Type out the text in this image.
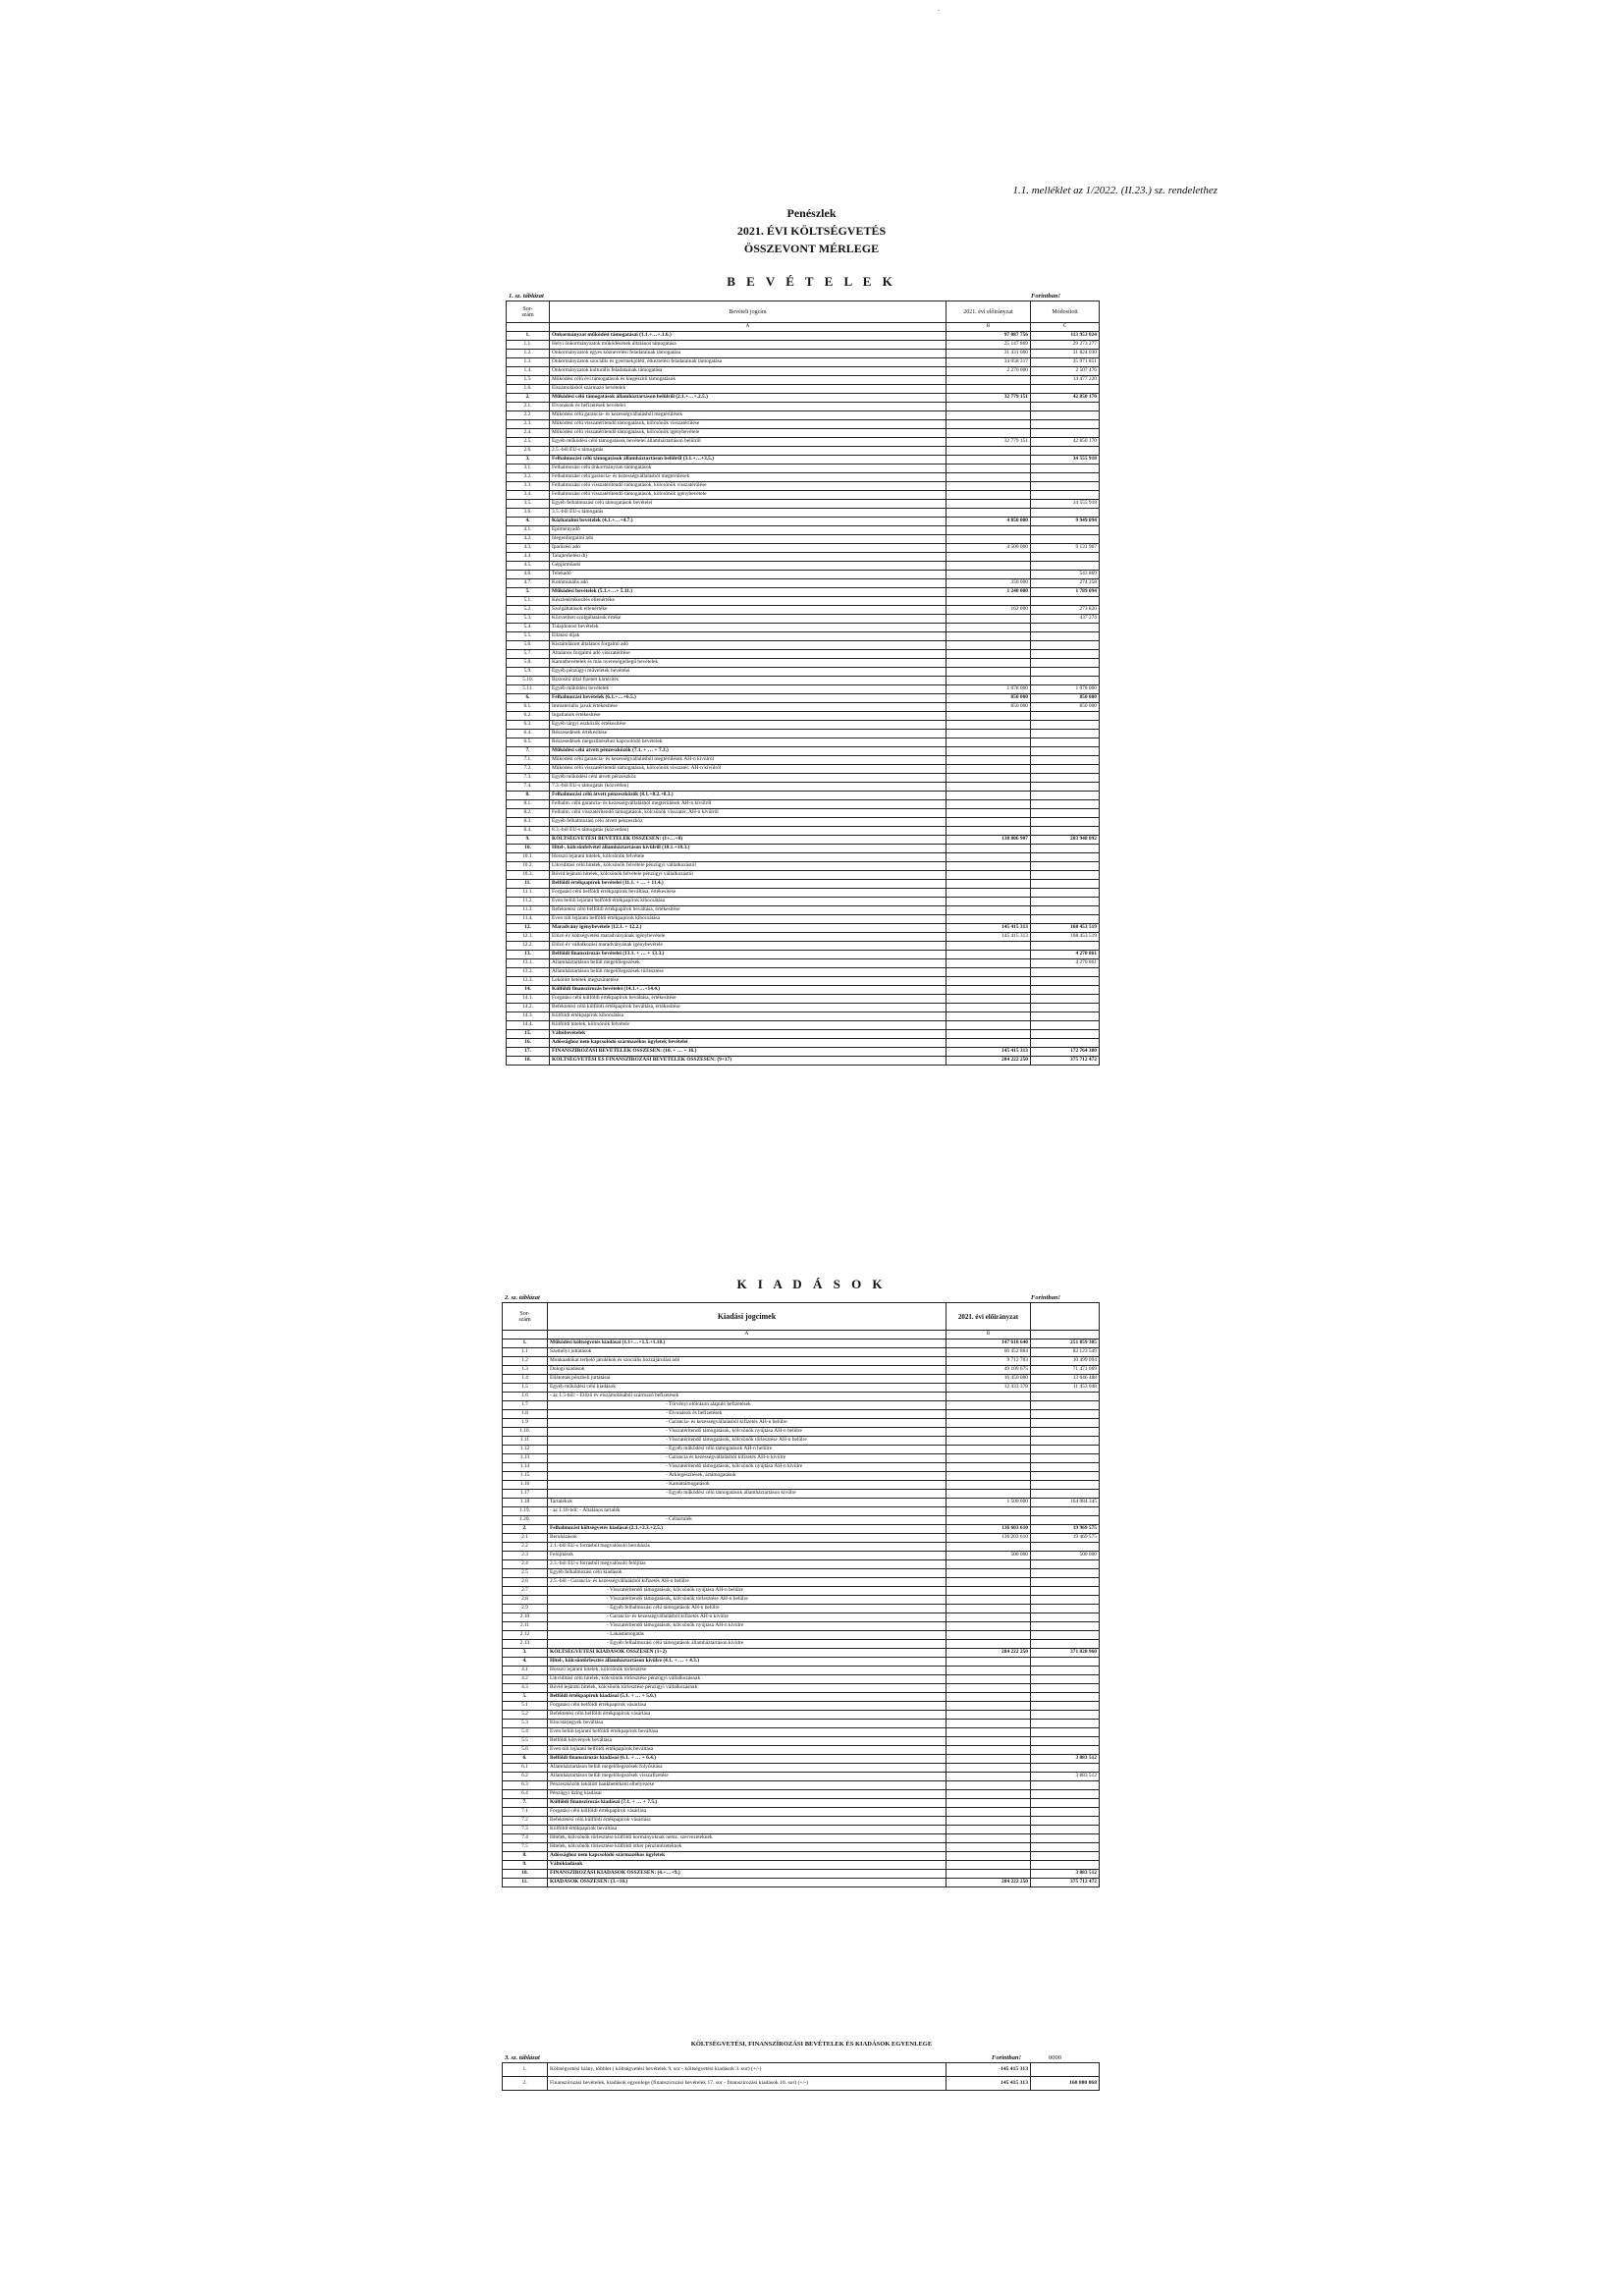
1.1. melléklet az 1/2022. (II.23.) sz. rendelethez
Penészlek
2021. ÉVI KÖLTSÉGVETÉS
ÖSSZEVONT MÉRLEGE
B E V É T E L E K
1. sz. táblázat	Forintban!
Sor-
szám	Bevételi jogcím	2021. évi előirányzat	Módosított
	A	B	C
1.	Önkormányzat működési támogatásai (1.1.+…+.1.6.)	97 087 756	113 953 824
1.1.	Helyi önkormányzatok működésének általános támogatása	25 147 869	29 273 277
1.2.	Önkormányzatok egyes köznevelési feladatainak támogatása	31 431 600	31 824 030
1.3.	Önkormányzatok szociális és gyermekjóléti, étkeztetési feladatainak támogatása	34 058 317	35 971 851
1.4.	Önkormányzatok kulturális feladatainak támogatása	2 270 000	2 507 476
1.5.	Működési célú évi támogatások és kiegészítő támogatások		14 477 220
1.6.	Elszámolásból származó bevételek		
2.	Működési célú támogatások államháztartáson belülről (2.1.+…+.2.5.)	32 779 151	42 850 170
2.1.	Elvonások és befizetések bevételei		
2.2.	Működési célú garancia- és kezességvállalásból megtérülések		
2.3.	Működési célú visszatérítendő támogatások, kölcsönök visszatérülése		
2.4.	Működési célú visszatérítendő támogatások, kölcsönök igénybevétele		
2.5.	Egyéb működési célú támogatások bevételei államháztartáson belülről	32 779 151	42 850 170
2.6.	2.5.-ből EU-s támogatás		
3.	Felhalmozási célú támogatások államháztartáson belülről (3.1.+…+3.5.)		34 555 918
3.1.	Felhalmozási célú önkormányzati támogatások		
3.2.	Felhalmozási célú garancia- és kezességvállalásból megtérülések		
3.3.	Felhalmozási célú visszatérítendő támogatások, kölcsönök visszatérülése		
3.4.	Felhalmozási célú visszatérítendő támogatások, kölcsönök igénybevétele		
3.5.	Egyéb felhalmozási célú támogatások bevételei		34 555 918
3.6.	3.5.-ből EU-s támogatás		
4.	Közhatalmi bevételek (4.1.+…+4.7.)	4 850 000	9 949 094
4.1.	Építményadó		
4.2.	Idegenforgalmi adó		
4.3.	Iparűzési adó	4 500 000	9 131 967
4.4.	Talajterhelési díj		
4.5.	Gépjárműadó		
4.6.	Telekadó		543 869
4.7.	Kommunális adó	350 000	274 258
5.	Működési bevételek (5.1.+…+ 5.11.)	1 240 000	1 789 094
5.1.	Készletértékesítés ellenértéke		
5.2.	Szolgáltatások ellenértéke	162 000	273 820
5.3.	Közvetített szolgáltatások értéke		437 274
5.4.	Tulajdonosi bevételek		
5.5.	Ellátási díjak		
5.6.	Kiszámlázott általános forgalmi adó		
5.7.	Általános forgalmi adó visszatérítése		
5.8.	Kamatbevételek és más nyereségjellegű bevételek		
5.9.	Egyéb pénzügyi műveletek bevételei		
5.10.	Biztosító által fizetett kártérítés		
5.11.	Egyéb működési bevételek	1 078 000	1 078 000
6.	Felhalmozási bevételek (6.1.+…+6.5.)	850 000	850 000
6.1.	Immateriális javak értékesítése	850 000	850 000
6.2.	Ingatlanok értékesítése		
6.3.	Egyéb tárgyi eszközök értékesítése		
6.4.	Részesedések értékesítése		
6.5.	Részesedések megszűnéséhez kapcsolódó bevételek		
7.	Működési célú átvett pénzeszközök (7.1. + … + 7.3.)		
7.1.	Működési célú garancia- és kezességvállalásból megtérülések ÁH-n kívülről		
7.2.	Működési célú visszatérítendő támogatások, kölcsönök visszatér. ÁH-n kívülről		
7.3.	Egyéb működési célú átvett pénzeszköz		
7.4.	7.3.-ból EU-s támogatás (közvetlen)		
8.	Felhalmozási célú átvett pénzeszközök (8.1.+8.2.+8.3.)		
8.1.	Felhalm. célú garancia- és kezességvállalásból megtérülések ÁH-n kívülről		
8.2.	Felhalm. célú visszatérítendő támogatások, kölcsönök visszatér. ÁH-n kívülről		
8.3.	Egyéb felhalmozási célú átvett pénzeszköz		
8.4.	8.3.-ból EU-s támogatás (közvetlen)		
9.	KÖLTSÉGVETÉSI BEVÉTELEK ÖSSZESEN: (1+…+8)	138 806 907	203 948 092
10.	Hitel-, kölcsönfelvétel államháztartáson kívülről (10.1.+10.3.)		
10.1.	Hosszú lejáratú hitelek, kölcsönök felvétele		
10.2.	Likviditási célú hitelek, kölcsönök felvétele pénzügyi vállalkozástól		
10.3.	Rövid lejáratú hitelek, kölcsönök felvétele pénzügyi vállalkozástól		
11.	Belföldi értékpapírok bevételei (11.1. + … + 11.4.)		
11.1.	Forgatási célú belföldi értékpapírok beváltása, értékesítése		
11.2.	Éven belüli lejáratú belföldi értékpapírok kibocsátása		
11.3.	Befektetési célú belföldi értékpapírok beváltása, értékesítése		
11.4.	Éven túli lejáratú belföldi értékpapírok kibocsátása		
12.	Maradvány igénybevétele (12.1. + 12.2.)	145 415 313	168 453 519
12.1.	Előző év költségvetési maradványának igénybevétele	145 415 313	168 453 519
12.2.	Előző év vállalkozási maradványának igénybevétele		
13.	Belföldi finanszírozás bevételei (13.1. + … + 13.3.)		4 270 861
13.1.	Államháztartáson belüli megelőlegezések		4 270 861
13.2.	Államháztartáson belüli megelőlegezések törlesztése		
13.3.	Lekötött betétek megszüntetése		
14.	Külföldi finanszírozás bevételei (14.1.+…+14.4.)		
14.1.	Forgatási célú külföldi értékpapírok beváltása, értékesítése		
14.2.	Befektetési célú külföldi értékpapírok beváltása, értékesítése		
14.3.	Külföldi értékpapírok kibocsátása		
14.4.	Külföldi hitelek, kölcsönök felvétele		
15.	Váltóbevételek		
16.	Adóssághoz nem kapcsolódó származékos ügyletek bevételei		
17.	FINANSZÍROZÁSI BEVÉTELEK ÖSSZESEN: (10. + … + 16.)	145 415 313	172 764 380
18.	KÖLTSÉGVETÉSI ÉS FINANSZÍROZÁSI BEVÉTELEK ÖSSZESEN: (9+17)	284 222 250	375 712 472
K I A D Á S O K
2. sz. táblázat	Forintban!
Sor-
szám	Kiadási jogcímek	2021. évi előirányzat	
	A	B	
1.	Működési költségvetés kiadásai (1.1+…+1.5.+1.18.)	147 618 640	251 859 385
1.1	Személyi juttatások	60 452 884	82 123 549
1.2	Munkaadókat terhelő járulékok és szociális hozzájárulási adó	9 712 703	10 499 094
1.3	Dologi kiadások	49 109 675	71 471 069
1.4	Ellátottak pénzbeli juttatásai	16 450 000	13 646 488
1.5	Egyéb működési célú kiadások	12 433 378	11 453 048
1.6	- az 1.5-ből: - Előző év elszámolásából származó befizetések		
1.7	- Törvényi előíráson alapuló befizetések		
1.8	- Elvonások és befizetések		
1.9	- Garancia- és kezességvállalásból kifizetés ÁH-n belülre		
1.10.	- Visszatérítendő támogatások, kölcsönök nyújtása ÁH-n belülre		
1.11	- Visszatérítendő támogatások, kölcsönök törlesztése ÁH-n belülre		
1.12	- Egyéb működési célú támogatások ÁH-n belülre		
1.13	- Garancia és kezességvállalásból kifizetés ÁH-n kívülre		
1.14	- Visszatérítendő támogatások, kölcsönök nyújtása ÁH-n kívülre		
1.15	- Árkiegészítések, ártámogatások		
1.16	- Kamattámogatások		
1.17	- Egyéb működési célú támogatások államháztartáson kívülre		
1.18	Tartalékok	1 500 000	164 084 345
1.19.	- az 1.18-ból: - Általános tartalék		
1.20.	- Céltartalék		
2.	Felhalmozási költségvetés kiadásai (2.1.+2.3.+2.5.)	136 603 610	19 969 575
2.1	Beruházások	136 203 610	19 469 575
2.2	2.1.-ből EU-s forrásból megvalósuló beruházás		
2.3	Felújítások	500 000	500 000
2.4	2.3.-ból EU-s forrásból megvalósuló felújítás		
2.5	Egyéb felhalmozási célú kiadások		
2.6	2.5.-ből - Garancia- és kezességvállalásból kifizetés ÁH-n belülre		
2.7	- Visszatérítendő támogatások, kölcsönök nyújtása ÁH-n belülre		
2.8	- Visszatérítendő támogatások, kölcsönök törlesztése ÁH-n belülre		
2.9	- Egyéb felhalmozási célú támogatások ÁH-n belülre		
2.10	- Garancia- és kezességvállalásból kifizetés ÁH-n kívülre		
2.11	- Visszatérítendő támogatások, kölcsönök nyújtása ÁH-n kívülre		
2.12	- Lakástámogatás		
2.13	- Egyéb felhalmozási célú támogatások államháztartáson kívülre		
3.	KÖLTSÉGVETÉSI KIADÁSOK ÖSSZESEN (1+2)	284 222 250	371 828 960
4.	Hitel-, kölcsöntörlesztés államháztartáson kívülre (4.1. + … + 4.3.)		
4.1	Hosszú lejáratú hitelek, kölcsönök törlesztése		
4.2	Likviditási célú hitelek, kölcsönök törlesztése pénzügyi vállalkozásnak		
4.3	Rövid lejáratú hitelek, kölcsönök törlesztése pénzügyi vállalkozásnak		
5.	Belföldi értékpapírok kiadásai (5.1. + … + 5.6.)		
5.1	Forgatási célú belföldi értékpapírok vásárlása		
5.2	Befektetési célú belföldi értékpapírok vásárlása		
5.3	Kincstárjegyek beváltása		
5.4	Éven belüli lejáratú belföldi értékpapírok beváltása		
5.5	Belföldi kötvények beváltása		
5.6	Éven túli lejáratú belföldi értékpapírok beváltása		
6.	Belföldi finanszírozás kiadásai (6.1. + … + 6.4.)		3 883 512
6.1	Államháztartáson belüli megelőlegezések folyósítása		
6.2	Államháztartáson belüli megelőlegezések visszafizetése		3 883 512
6.3	Pénzeszközök lekötött bankbetétként elhelyezése		
6.4	Pénzügyi lízing kiadásai		
7.	Külföldi finanszírozás kiadásai (7.1. + … + 7.5.)		
7.1	Forgatási célú külföldi értékpapírok vásárlása		
7.2	Befektetési célú külföldi értékpapírok vásárlása		
7.3	Külföldi értékpapírok beváltása		
7.4	Hitelek, kölcsönök törlesztése külföldi kormányoknak nemz. szervezeteknek		
7.5	Hitelek, kölcsönök törlesztése külföldi other pénzintézeteknek		
8.	Adóssághoz nem kapcsolódó származékos ügyletek		
9.	Váltókiadások		
10.	FINANSZÍROZÁSI KIADÁSOK ÖSSZESEN: (4.+…+9.)		3 883 512
11.	KIADÁSOK ÖSSZESEN: (3.+10.)	284 222 250	375 712 472
KÖLTSÉGVETÉSI, FINANSZÍROZÁSI BEVÉTELEK ÉS KIADÁSOK EGYENLEGE
3. sz. táblázat	Forintban!	0000
1.	Költségvetési hiány, többlet ( költségvetési bevételek 9. sor - költségvetési kiadások 3. sor) (+/-)	-145 415 313	
2.	Finanszírozási bevételek, kiadások egyenlege (finanszírozási bevételek 17. sor - finanszírozási kiadások 10. sor) (+/-)	145 415 313	168 880 868
